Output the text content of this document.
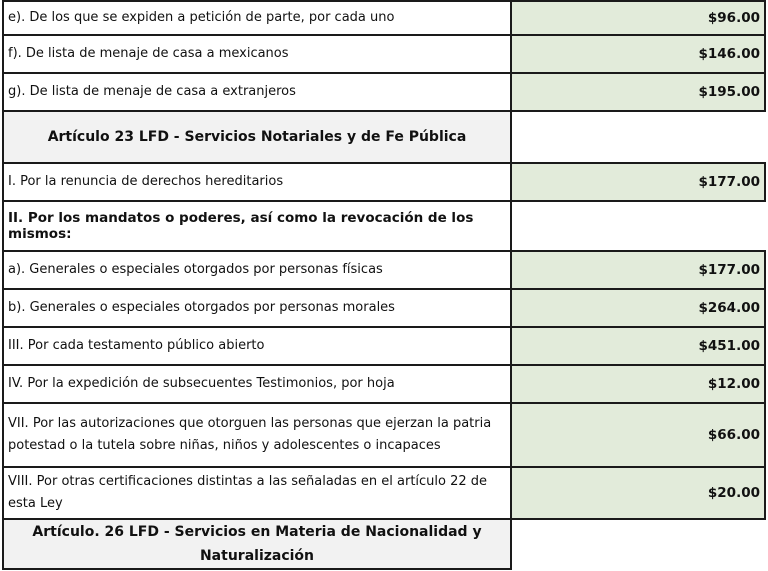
e). De los que se expiden a petición de parte, por cada uno	$96.00
f). De lista de menaje de casa a mexicanos	$146.00
g). De lista de menaje de casa a extranjeros	$195.00
Artículo 23 LFD - Servicios Notariales y de Fe Pública	
I. Por la renuncia de derechos hereditarios	$177.00
II. Por los mandatos o poderes, así como la revocación de los mismos:	
a). Generales o especiales otorgados por personas físicas	$177.00
b). Generales o especiales otorgados por personas morales	$264.00
III. Por cada testamento público abierto	$451.00
IV. Por la expedición de subsecuentes Testimonios, por hoja	$12.00
VII. Por las autorizaciones que otorguen las personas que ejerzan la patria potestad o la tutela sobre niñas, niños y adolescentes o incapaces	$66.00
VIII. Por otras certificaciones distintas a las señaladas en el artículo 22 de esta Ley	$20.00
Artículo. 26 LFD - Servicios en Materia de Nacionalidad y Naturalización	
